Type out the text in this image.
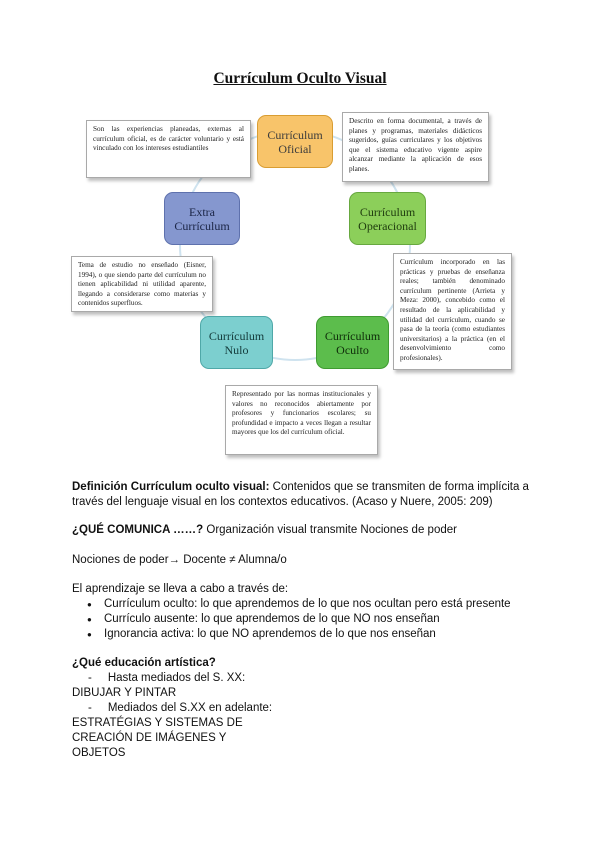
Currículum Oculto Visual
Son las experiencias planeadas, externas al currículum oficial, es de carácter voluntario y está vinculado con los intereses estudiantiles
Descrito en forma documental, a través de planes y programas, materiales didácticos sugeridos, guías curriculares y los objetivos que el sistema educativo vigente aspire alcanzar mediante la aplicación de esos planes.
Tema de estudio no enseñado (Eisner, 1994), o que siendo parte del currículum no tienen aplicabilidad ni utilidad aparente, llegando a considerarse como materias y contenidos superfluos.
Currículum incorporado en las prácticas y pruebas de enseñanza reales; también denominado currículum pertinente (Arrieta y Meza: 2000), concebido como el resultado de la aplicabilidad y utilidad del currículum, cuando se pasa de la teoría (como estudiantes universitarios) a la práctica (en el desenvolvimiento como profesionales).
Representado por las normas institucionales y valores no reconocidos abiertamente por profesores y funcionarios escolares; su profundidad e impacto a veces llegan a resultar mayores que los del currículum oficial.
Currículum
Oficial
Currículum
Operacional
Currículum
Oculto
Currículum
Nulo
Extra
Currículum
Definición Currículum oculto visual: Contenidos que se transmiten de forma implícita a través del lenguaje visual en los contextos educativos. (Acaso y Nuere, 2005: 209)
¿QUÉ COMUNICA ……? Organización visual transmite Nociones de poder
Nociones de poder→ Docente ≠ Alumna/o
El aprendizaje se lleva a cabo a través de:
● Currículum oculto: lo que aprendemos de lo que nos ocultan pero está presente
● Currículo ausente: lo que aprendemos de lo que NO nos enseñan
● Ignorancia activa: lo que NO aprendemos de lo que nos enseñan
¿Qué educación artística?
-     Hasta mediados del S. XX:
DIBUJAR Y PINTAR
-     Mediados del S.XX en adelante:
ESTRATÉGIAS Y SISTEMAS DE
CREACIÓN DE IMÁGENES Y
OBJETOS
